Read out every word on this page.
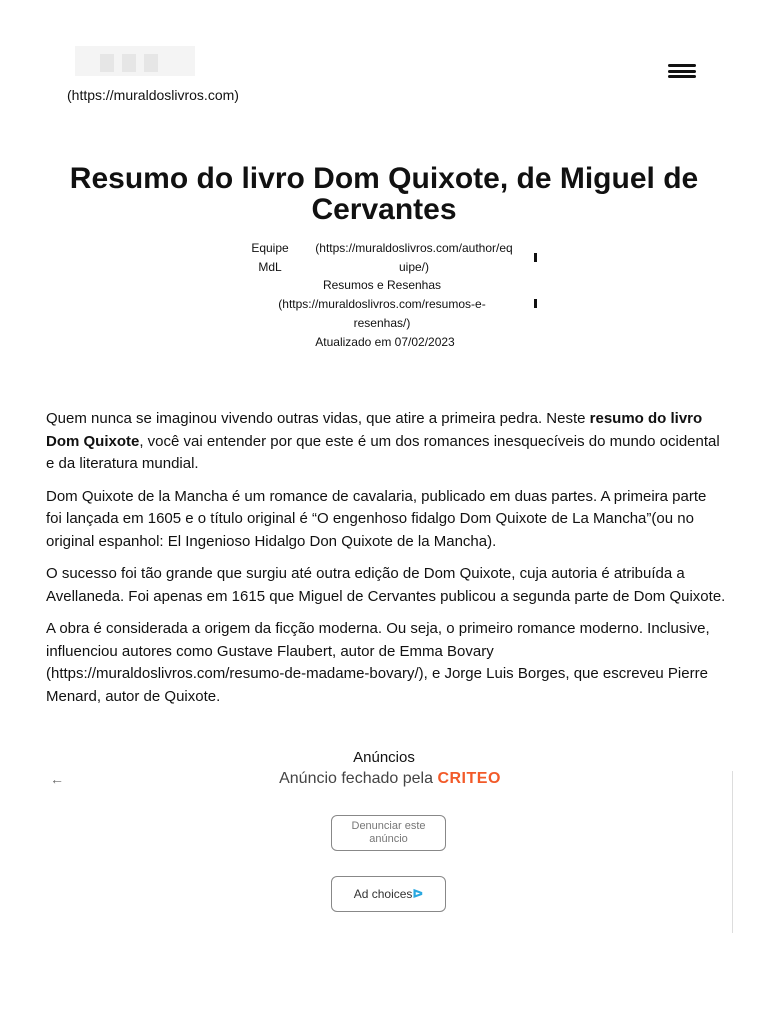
(https://muraldoslivros.com)
Resumo do livro Dom Quixote, de Miguel de Cervantes
Equipe
MdL
(https://muraldoslivros.com/author/eq
uipe/)
Resumos e Resenhas
(https://muraldoslivros.com/resumos-e-
resenhas/)
Atualizado em 07/02/2023

Quem nunca se imaginou vivendo outras vidas, que atire a primeira pedra. Neste resumo do livro Dom Quixote, você vai entender por que este é um dos romances inesquecíveis do mundo ocidental e da literatura mundial.

Dom Quixote de la Mancha é um romance de cavalaria, publicado em duas partes. A primeira parte foi lançada em 1605 e o título original é “O engenhoso fidalgo Dom Quixote de La Mancha”(ou no original espanhol: El Ingenioso Hidalgo Don Quixote de la Mancha).

O sucesso foi tão grande que surgiu até outra edição de Dom Quixote, cuja autoria é atribuída a Avellaneda. Foi apenas em 1615 que Miguel de Cervantes publicou a segunda parte de Dom Quixote.

A obra é considerada a origem da ficção moderna. Ou seja, o primeiro romance moderno. Inclusive, influenciou autores como Gustave Flaubert, autor de Emma Bovary (https://muraldoslivros.com/resumo-de-madame-bovary/), e Jorge Luis Borges, que escreveu Pierre Menard, autor de Quixote.

Anúncios
←	Anúncio fechado pela CRITEO
Denunciar este
anúncio
Ad choicesᐅ
